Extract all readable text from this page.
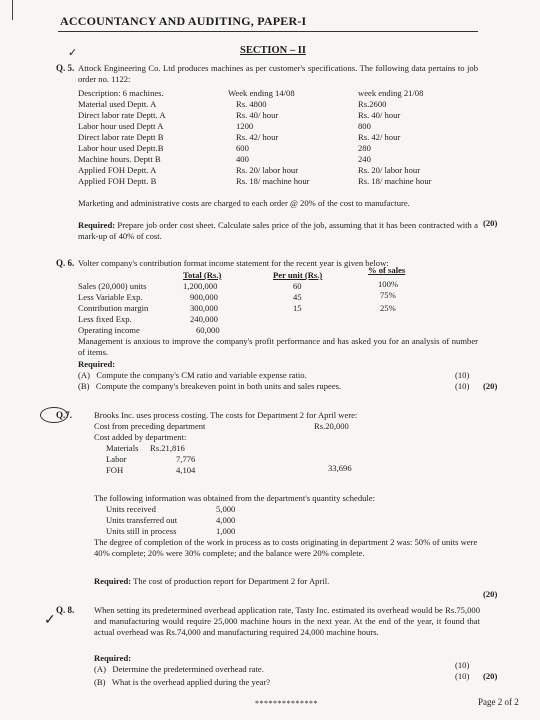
ACCOUNTANCY AND AUDITING, PAPER-I
✓	SECTION – II
Q. 5. Attock Engineering Co. Ltd produces machines as per customer's specifications. The following data pertains to job order no. 1122:
Description: 6 machines.	Week ending 14/08	week ending 21/08
Material used Deptt. A	Rs. 4800	Rs.2600
Direct labor rate Deptt. A	Rs. 40/ hour	Rs. 40/ hour
Labor hour used Deptt A	1200	800
Direct labor rate Deptt B	Rs. 42/ hour	Rs. 42/ hour
Labor hour used Deptt.B	600	280
Machine hours. Deptt B	400	240
Applied FOH Deptt. A	Rs. 20/ labor hour	Rs. 20/ labor hour
Applied FOH Deptt. B	Rs. 18/ machine hour	Rs. 18/ machine hour
Marketing and administrative costs are charged to each order @ 20% of the cost to manufacture.
Required: Prepare job order cost sheet. Calculate sales price of the job, assuming that it has been contracted with a mark-up of 40% of cost.
(20)
Q. 6. Volter company's contribution format income statement for the recent year is given below:
Total (Rs.)	Per unit (Rs.)	% of sales
Sales (20,000) units	1,200,000	60	100%
Less Variable Exp.	900,000	45	75%
Contribution margin	300,000	15	25%
Less fixed Exp.	240,000
Operating income	60,000
Management is anxious to improve the company's profit performance and has asked you for an analysis of number of items.
Required:
(A) Compute the company's CM ratio and variable expense ratio.
(B) Compute the company's breakeven point in both units and sales rupees.
(10)
(10) (20)
Q.7.	Brooks Inc. uses process costing. The costs for Department 2 for April were:
Cost from preceding department	Rs.20,000
Cost added by department:
Materials Rs.21,816
Labor	7,776
FOH	4,104	33,696
The following information was obtained from the department's quantity schedule:
Units received	5,000
Units transferred out	4,000
Units still in process	1,000
The degree of completion of the work in process as to costs originating in department 2 was: 50% of units were 40% complete; 20% were 30% complete; and the balance were 20% complete.
Required: The cost of production report for Department 2 for April.
(20)
✓
Q. 8. When setting its predetermined overhead application rate, Tasty Inc. estimated its overhead would be Rs.75,000 and manufacturing would require 25,000 machine hours in the next year. At the end of the year, it found that actual overhead was Rs.74,000 and manufacturing required 24,000 machine hours.
Required:
(A) Determine the predetermined overhead rate.
(B) What is the overhead applied during the year?
(10)
(10) (20)
**************	Page 2 of 2
